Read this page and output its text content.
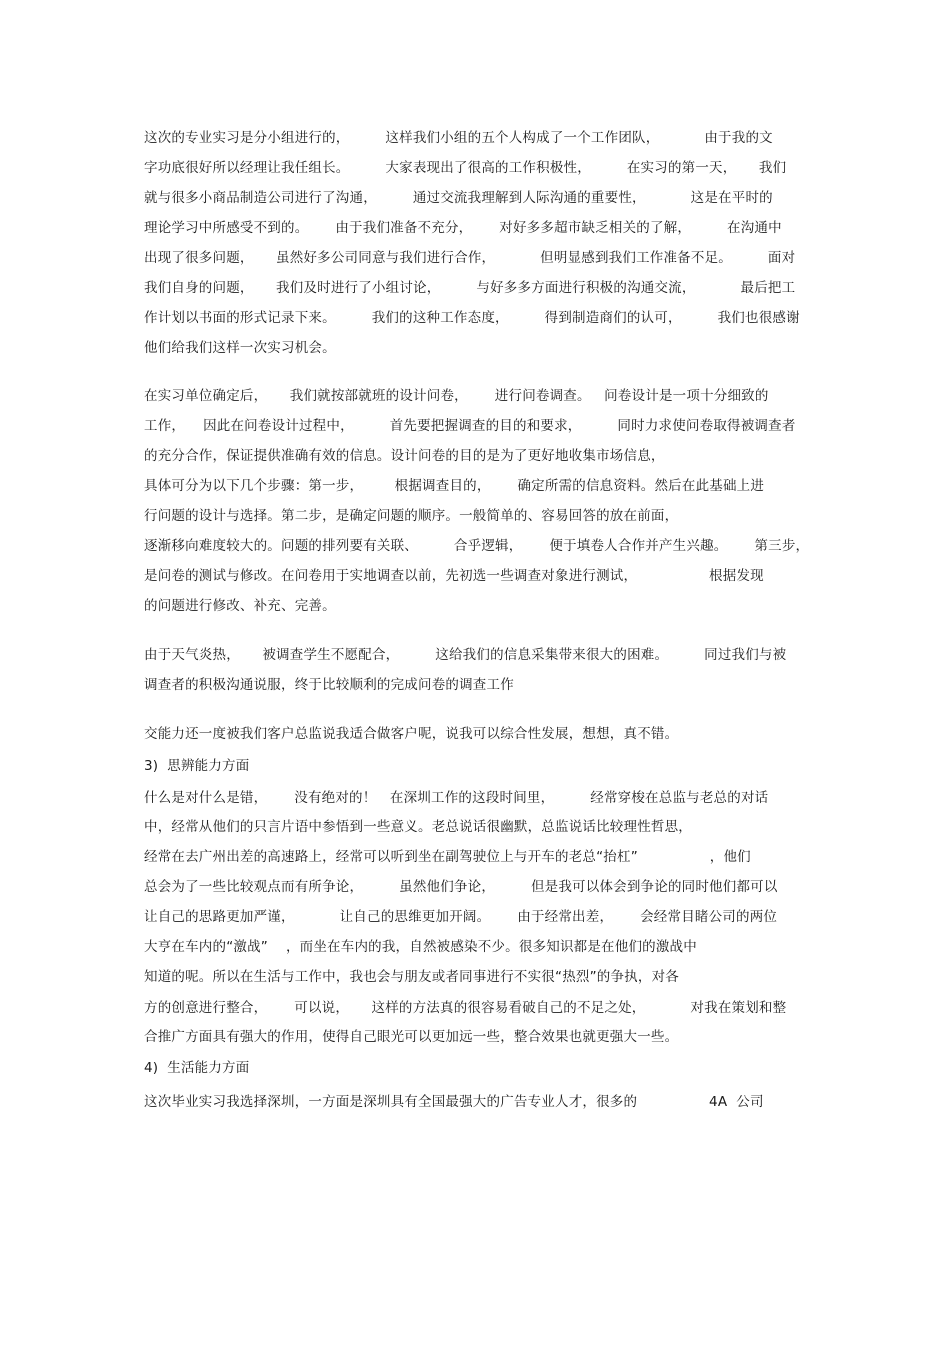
这次的专业实习是分小组进行的，        这样我们小组的五个人构成了一个工作团队，          由于我的文
字功底很好所以经理让我任组长。        大家表现出了很高的工作积极性，        在实习的第一天，     我们
就与很多小商品制造公司进行了沟通，        通过交流我理解到人际沟通的重要性，          这是在平时的
理论学习中所感受不到的。      由于我们准备不充分，      对好多多超市缺乏相关的了解，        在沟通中
出现了很多问题，     虽然好多公司同意与我们进行合作，          但明显感到我们工作准备不足。        面对
我们自身的问题，     我们及时进行了小组讨论，        与好多多方面进行积极的沟通交流，          最后把工
作计划以书面的形式记录下来。        我们的这种工作态度，        得到制造商们的认可，        我们也很感谢
他们给我们这样一次实习机会。
在实习单位确定后，     我们就按部就班的设计问卷，      进行问卷调查。   问卷设计是一项十分细致的
工作，    因此在问卷设计过程中，        首先要把握调查的目的和要求，        同时力求使问卷取得被调查者
的充分合作，保证提供准确有效的信息。设计问卷的目的是为了更好地收集市场信息，
具体可分为以下几个步骤：第一步，       根据调查目的，      确定所需的信息资料。然后在此基础上进
行问题的设计与选择。第二步，是确定问题的顺序。一般简单的、容易回答的放在前面，
逐渐移向难度较大的。问题的排列要有关联、        合乎逻辑，      便于填卷人合作并产生兴趣。      第三步，
是问卷的测试与修改。在问卷用于实地调查以前，先初选一些调查对象进行测试，                根据发现
的问题进行修改、补充、完善。
由于天气炎热，     被调查学生不愿配合，        这给我们的信息采集带来很大的困难。        同过我们与被
调查者的积极沟通说服，终于比较顺利的完成问卷的调查工作
交能力还一度被我们客户总监说我适合做客户呢，说我可以综合性发展，想想，真不错。
3)  思辨能力方面
什么是对什么是错，      没有绝对的！   在深圳工作的这段时间里，        经常穿梭在总监与老总的对话
中，经常从他们的只言片语中参悟到一些意义。老总说话很幽默，总监说话比较理性哲思，
经常在去广州出差的高速路上，经常可以听到坐在副驾驶位上与开车的老总“抬杠”                ，他们
总会为了一些比较观点而有所争论，        虽然他们争论，        但是我可以体会到争论的同时他们都可以
让自己的思路更加严谨，          让自己的思维更加开阔。      由于经常出差，      会经常目睹公司的两位
大亨在车内的“激战”    ，而坐在车内的我，自然被感染不少。很多知识都是在他们的激战中
知道的呢。所以在生活与工作中，我也会与朋友或者同事进行不实很“热烈”的争执，对各
方的创意进行整合，      可以说，     这样的方法真的很容易看破自己的不足之处，          对我在策划和整
合推广方面具有强大的作用，使得自己眼光可以更加远一些，整合效果也就更强大一些。
4)  生活能力方面
这次毕业实习我选择深圳，一方面是深圳具有全国最强大的广告专业人才，很多的                4A  公司
